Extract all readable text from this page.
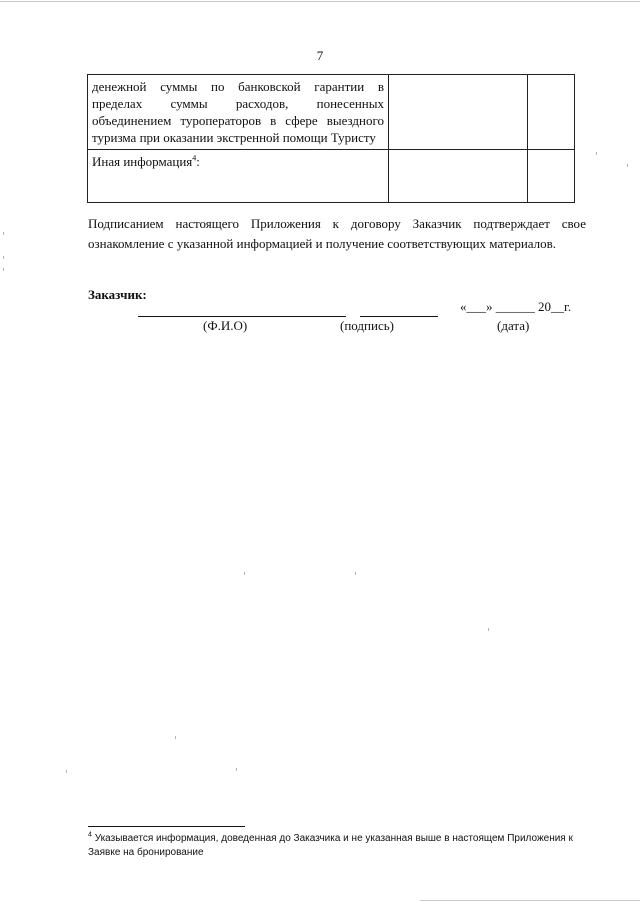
7
денежной суммы по банковской гарантии в пределах суммы расходов, понесенных объединением туроператоров в сфере выездного туризма при оказании экстренной помощи Туристу		
Иная информация$^4$:		
Подписанием настоящего Приложения к договору Заказчик подтверждает свое
ознакомление с указанной информацией и получение соответствующих материалов.
Заказчик:
«___» ______ 20__г.
(Ф.И.О)	(подпись)	(дата)
$^4$ Указывается информация, доведенная до Заказчика и не указанная выше в настоящем Приложения к Заявке на бронирование
